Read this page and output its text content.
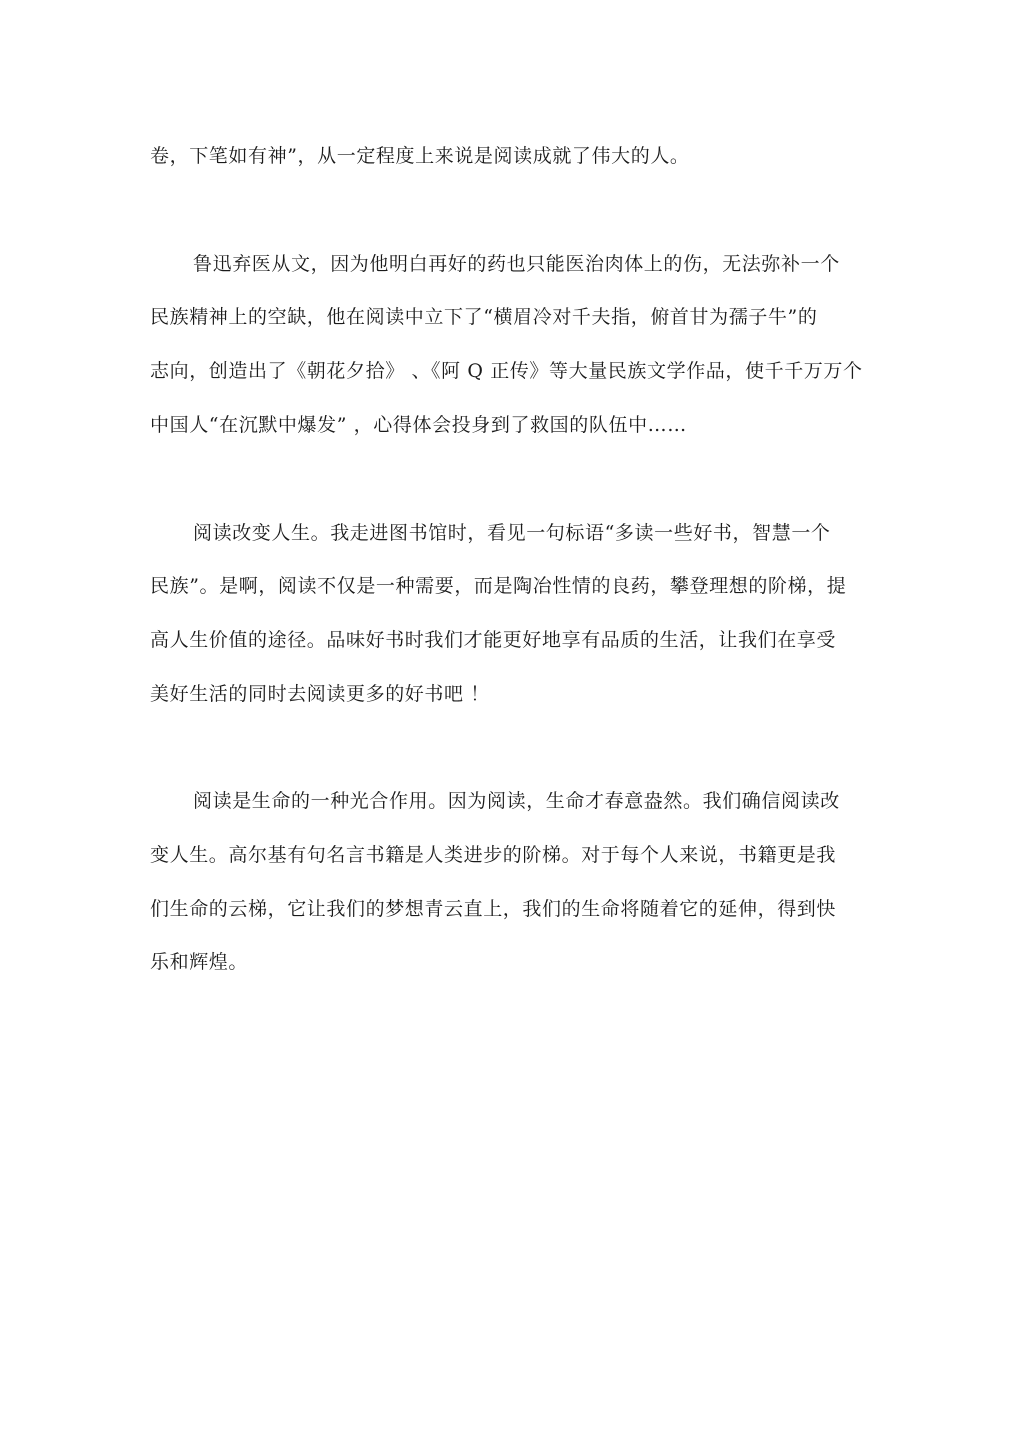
卷，下笔如有神”，从一定程度上来说是阅读成就了伟大的人。
鲁迅弃医从文，因为他明白再好的药也只能医治肉体上的伤，无法弥补一个
民族精神上的空缺，他在阅读中立下了“横眉冷对千夫指，俯首甘为孺子牛”的
志向，创造出了《朝花夕拾》 、《阿 Q 正传》等大量民族文学作品，使千千万万个
中国人“在沉默中爆发” ，心得体会投身到了救国的队伍中……
阅读改变人生。我走进图书馆时，看见一句标语“多读一些好书，智慧一个
民族”。是啊，阅读不仅是一种需要，而是陶冶性情的良药，攀登理想的阶梯，提
高人生价值的途径。品味好书时我们才能更好地享有品质的生活，让我们在享受
美好生活的同时去阅读更多的好书吧 ！
阅读是生命的一种光合作用。因为阅读，生命才春意盎然。我们确信阅读改
变人生。高尔基有句名言书籍是人类进步的阶梯。对于每个人来说，书籍更是我
们生命的云梯，它让我们的梦想青云直上，我们的生命将随着它的延伸，得到快
乐和辉煌。
